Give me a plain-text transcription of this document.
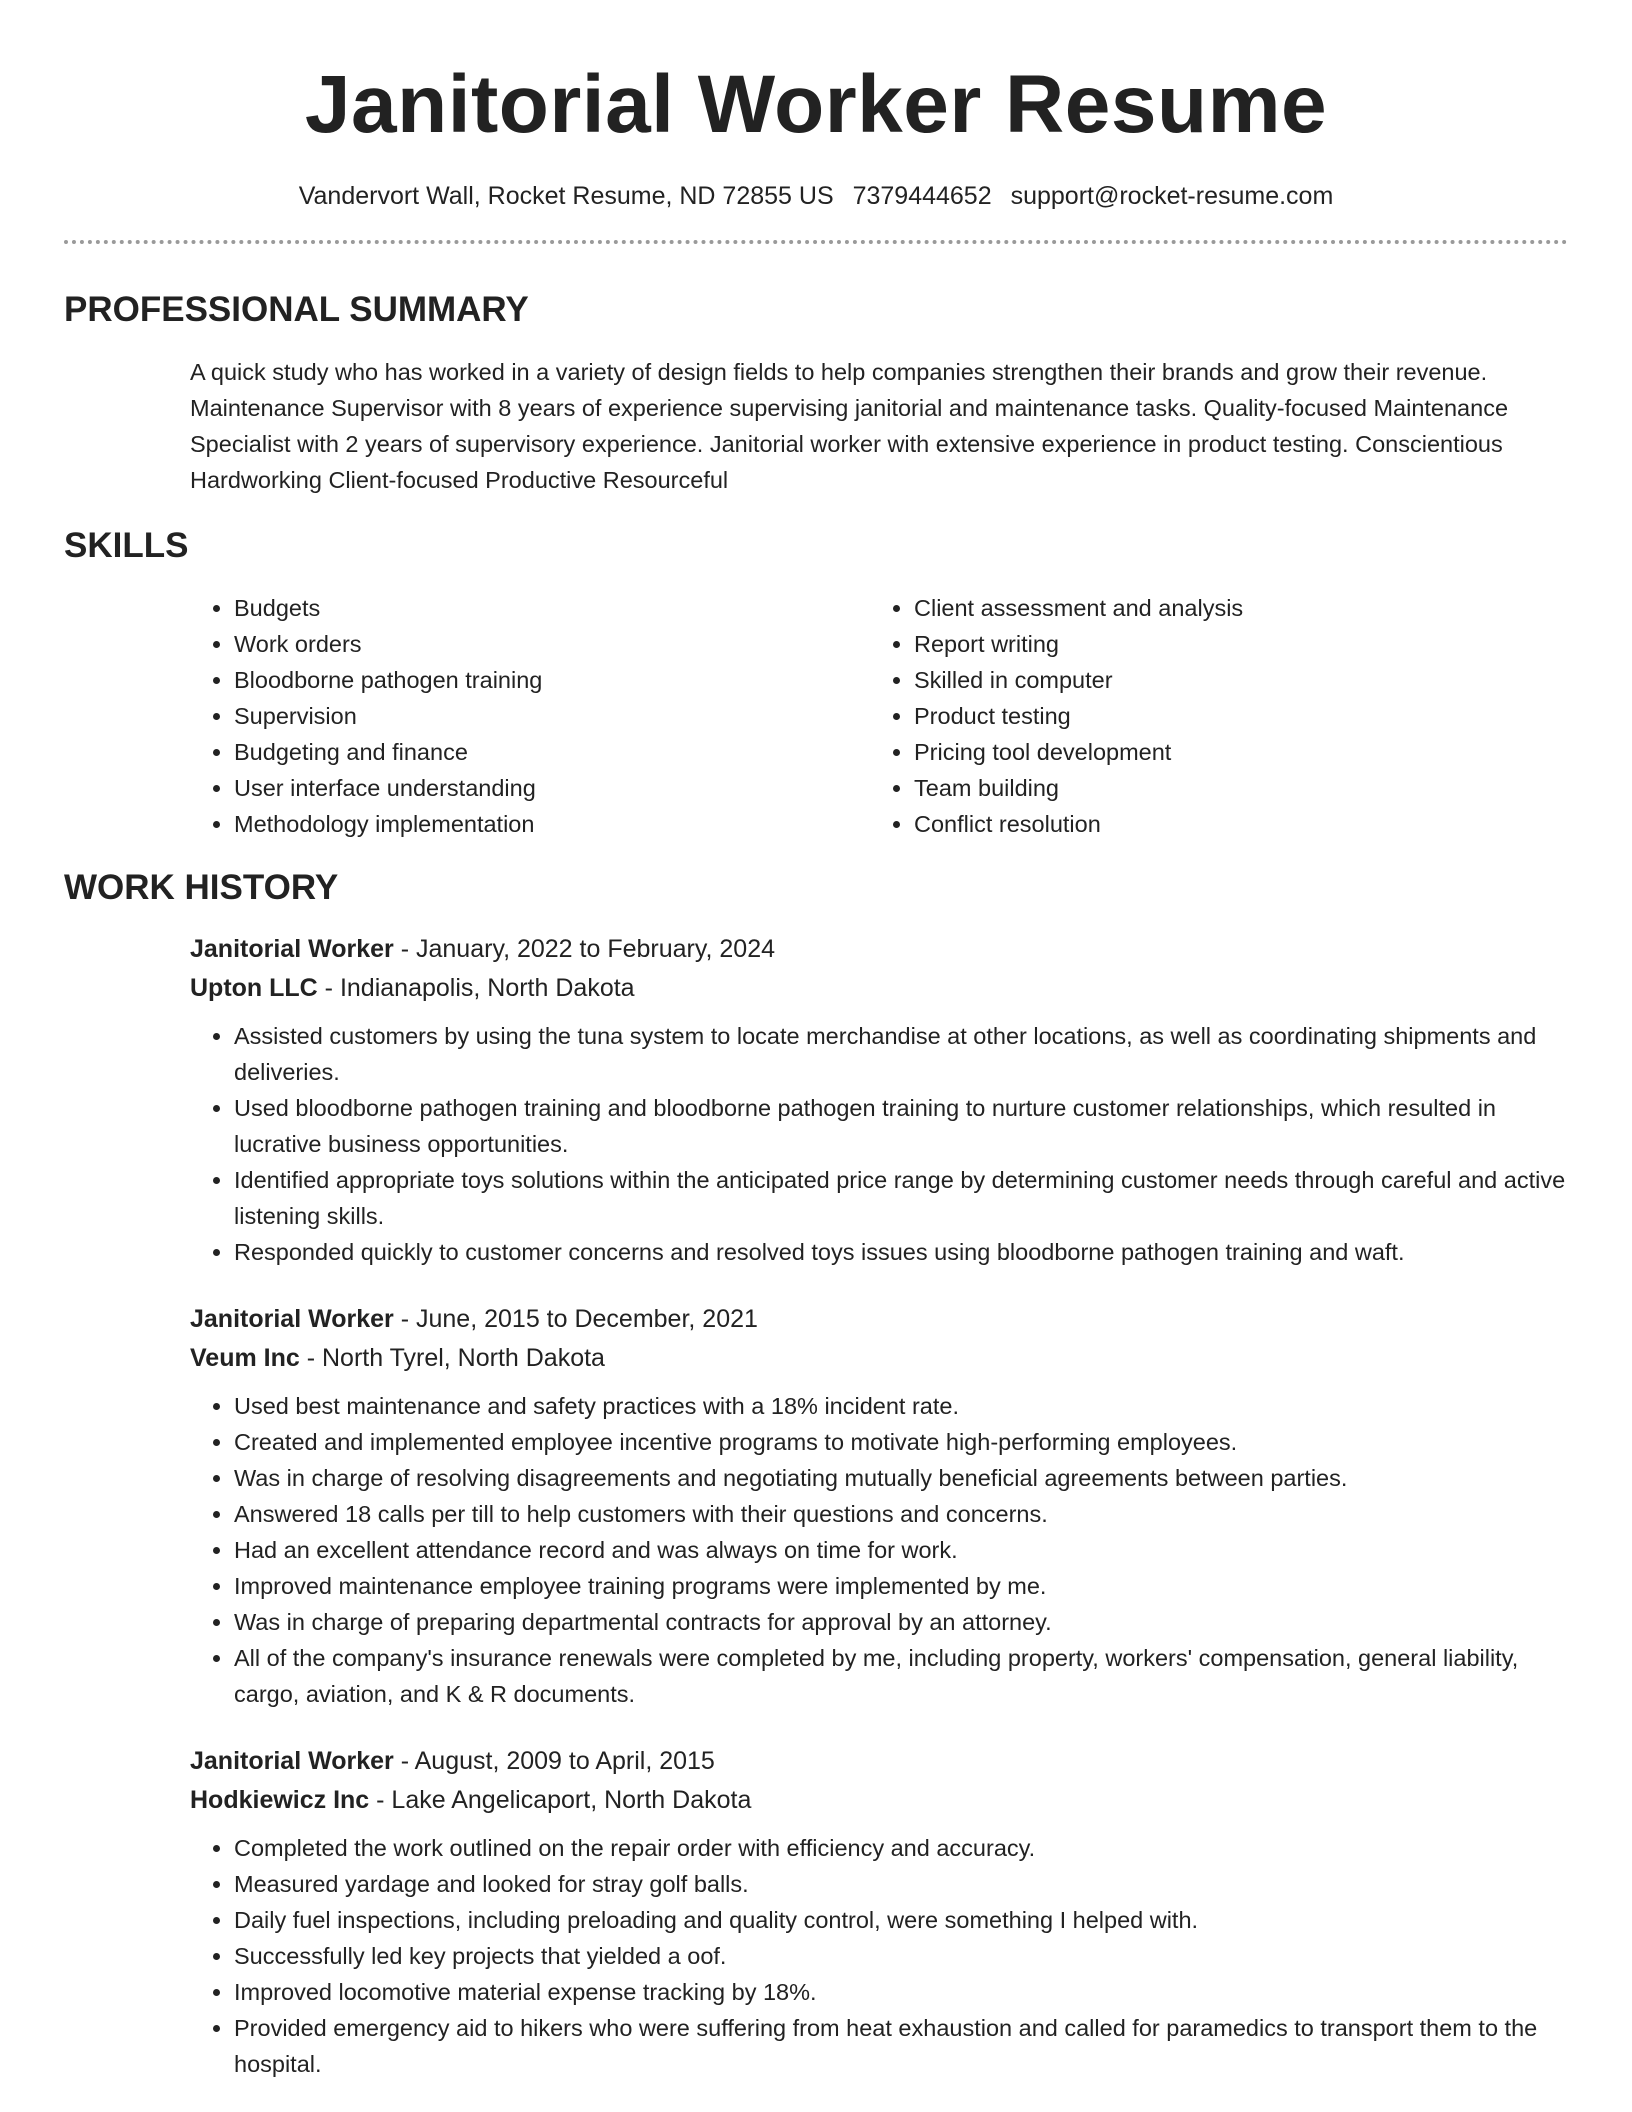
Janitorial Worker Resume
Vandervort Wall, Rocket Resume, ND 72855 US 7379444652 support@rocket-resume.com
PROFESSIONAL SUMMARY

A quick study who has worked in a variety of design fields to help companies strengthen their brands and grow their revenue. Maintenance Supervisor with 8 years of experience supervising janitorial and maintenance tasks. Quality-focused Maintenance Specialist with 2 years of supervisory experience. Janitorial worker with extensive experience in product testing. Conscientious Hardworking Client-focused Productive Resourceful

SKILLS
• Budgets
• Work orders
• Bloodborne pathogen training
• Supervision
• Budgeting and finance
• User interface understanding
• Methodology implementation
• Client assessment and analysis
• Report writing
• Skilled in computer
• Product testing
• Pricing tool development
• Team building
• Conflict resolution
WORK HISTORY
Janitorial Worker - January, 2022 to February, 2024
Upton LLC - Indianapolis, North Dakota
• Assisted customers by using the tuna system to locate merchandise at other locations, as well as coordinating shipments and deliveries.
• Used bloodborne pathogen training and bloodborne pathogen training to nurture customer relationships, which resulted in lucrative business opportunities.
• Identified appropriate toys solutions within the anticipated price range by determining customer needs through careful and active listening skills.
• Responded quickly to customer concerns and resolved toys issues using bloodborne pathogen training and waft.
Janitorial Worker - June, 2015 to December, 2021
Veum Inc - North Tyrel, North Dakota
• Used best maintenance and safety practices with a 18% incident rate.
• Created and implemented employee incentive programs to motivate high-performing employees.
• Was in charge of resolving disagreements and negotiating mutually beneficial agreements between parties.
• Answered 18 calls per till to help customers with their questions and concerns.
• Had an excellent attendance record and was always on time for work.
• Improved maintenance employee training programs were implemented by me.
• Was in charge of preparing departmental contracts for approval by an attorney.
• All of the company's insurance renewals were completed by me, including property, workers' compensation, general liability, cargo, aviation, and K & R documents.
Janitorial Worker - August, 2009 to April, 2015
Hodkiewicz Inc - Lake Angelicaport, North Dakota
• Completed the work outlined on the repair order with efficiency and accuracy.
• Measured yardage and looked for stray golf balls.
• Daily fuel inspections, including preloading and quality control, were something I helped with.
• Successfully led key projects that yielded a oof.
• Improved locomotive material expense tracking by 18%.
• Provided emergency aid to hikers who were suffering from heat exhaustion and called for paramedics to transport them to the hospital.
